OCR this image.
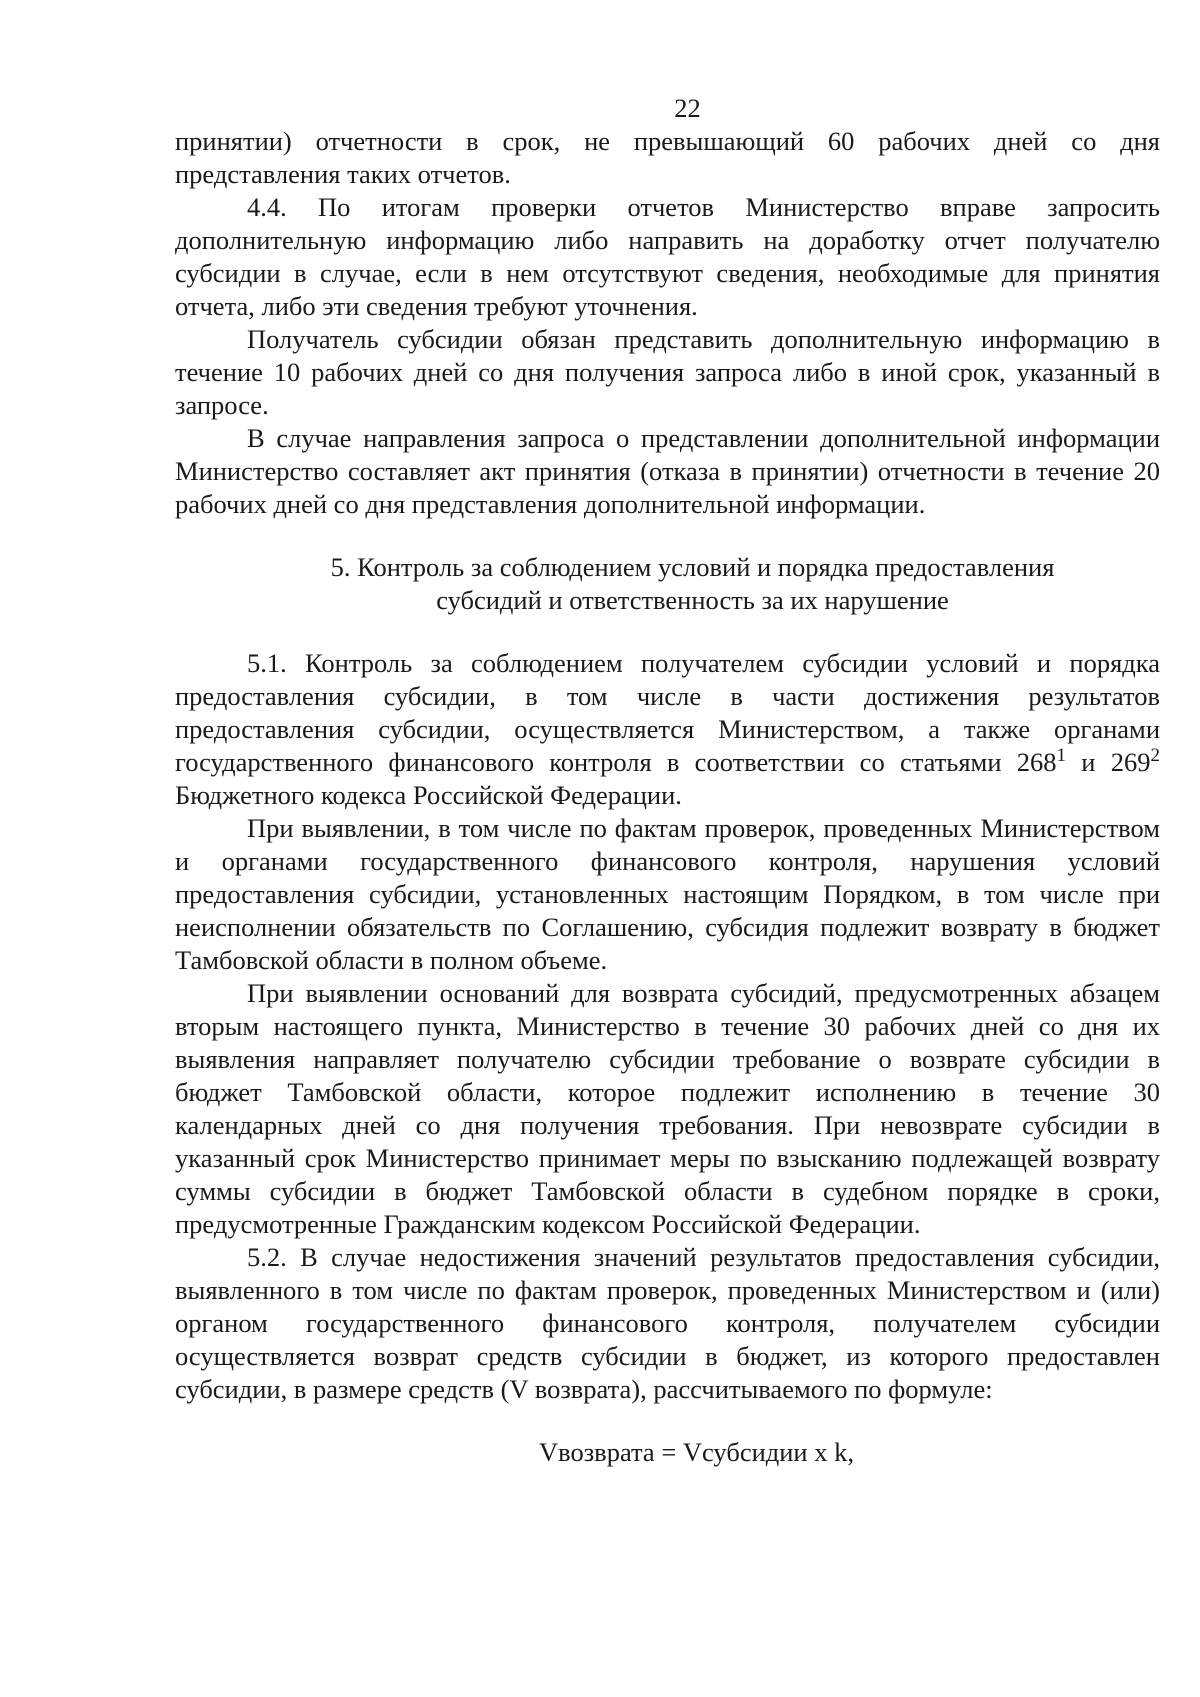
22

принятии) отчетности в срок, не превышающий 60 рабочих дней со дня представления таких отчетов.

4.4. По итогам проверки отчетов Министерство вправе запросить дополнительную информацию либо направить на доработку отчет получателю субсидии в случае, если в нем отсутствуют сведения, необходимые для принятия отчета, либо эти сведения требуют уточнения.

Получатель субсидии обязан представить дополнительную информацию в течение 10 рабочих дней со дня получения запроса либо в иной срок, указанный в запросе.

В случае направления запроса о представлении дополнительной информации Министерство составляет акт принятия (отказа в принятии) отчетности в течение 20 рабочих дней со дня представления дополнительной информации.

5. Контроль за соблюдением условий и порядка предоставления
субсидий и ответственность за их нарушение

5.1. Контроль за соблюдением получателем субсидии условий и порядка предоставления субсидии, в том числе в части достижения результатов предоставления субсидии, осуществляется Министерством, а также органами государственного финансового контроля в соответствии со статьями $268^1$ и $269^2$ Бюджетного кодекса Российской Федерации.

При выявлении, в том числе по фактам проверок, проведенных Министерством и органами государственного финансового контроля, нарушения условий предоставления субсидии, установленных настоящим Порядком, в том числе при неисполнении обязательств по Соглашению, субсидия подлежит возврату в бюджет Тамбовской области в полном объеме.

При выявлении оснований для возврата субсидий, предусмотренных абзацем вторым настоящего пункта, Министерство в течение 30 рабочих дней со дня их выявления направляет получателю субсидии требование о возврате субсидии в бюджет Тамбовской области, которое подлежит исполнению в течение 30 календарных дней со дня получения требования. При невозврате субсидии в указанный срок Министерство принимает меры по взысканию подлежащей возврату суммы субсидии в бюджет Тамбовской области в судебном порядке в сроки, предусмотренные Гражданским кодексом Российской Федерации.

5.2. В случае недостижения значений результатов предоставления субсидии, выявленного в том числе по фактам проверок, проведенных Министерством и (или) органом государственного финансового контроля, получателем субсидии осуществляется возврат средств субсидии в бюджет, из которого предоставлен субсидии, в размере средств (V возврата), рассчитываемого по формуле:

Vвозврата = Vсубсидии x k,
